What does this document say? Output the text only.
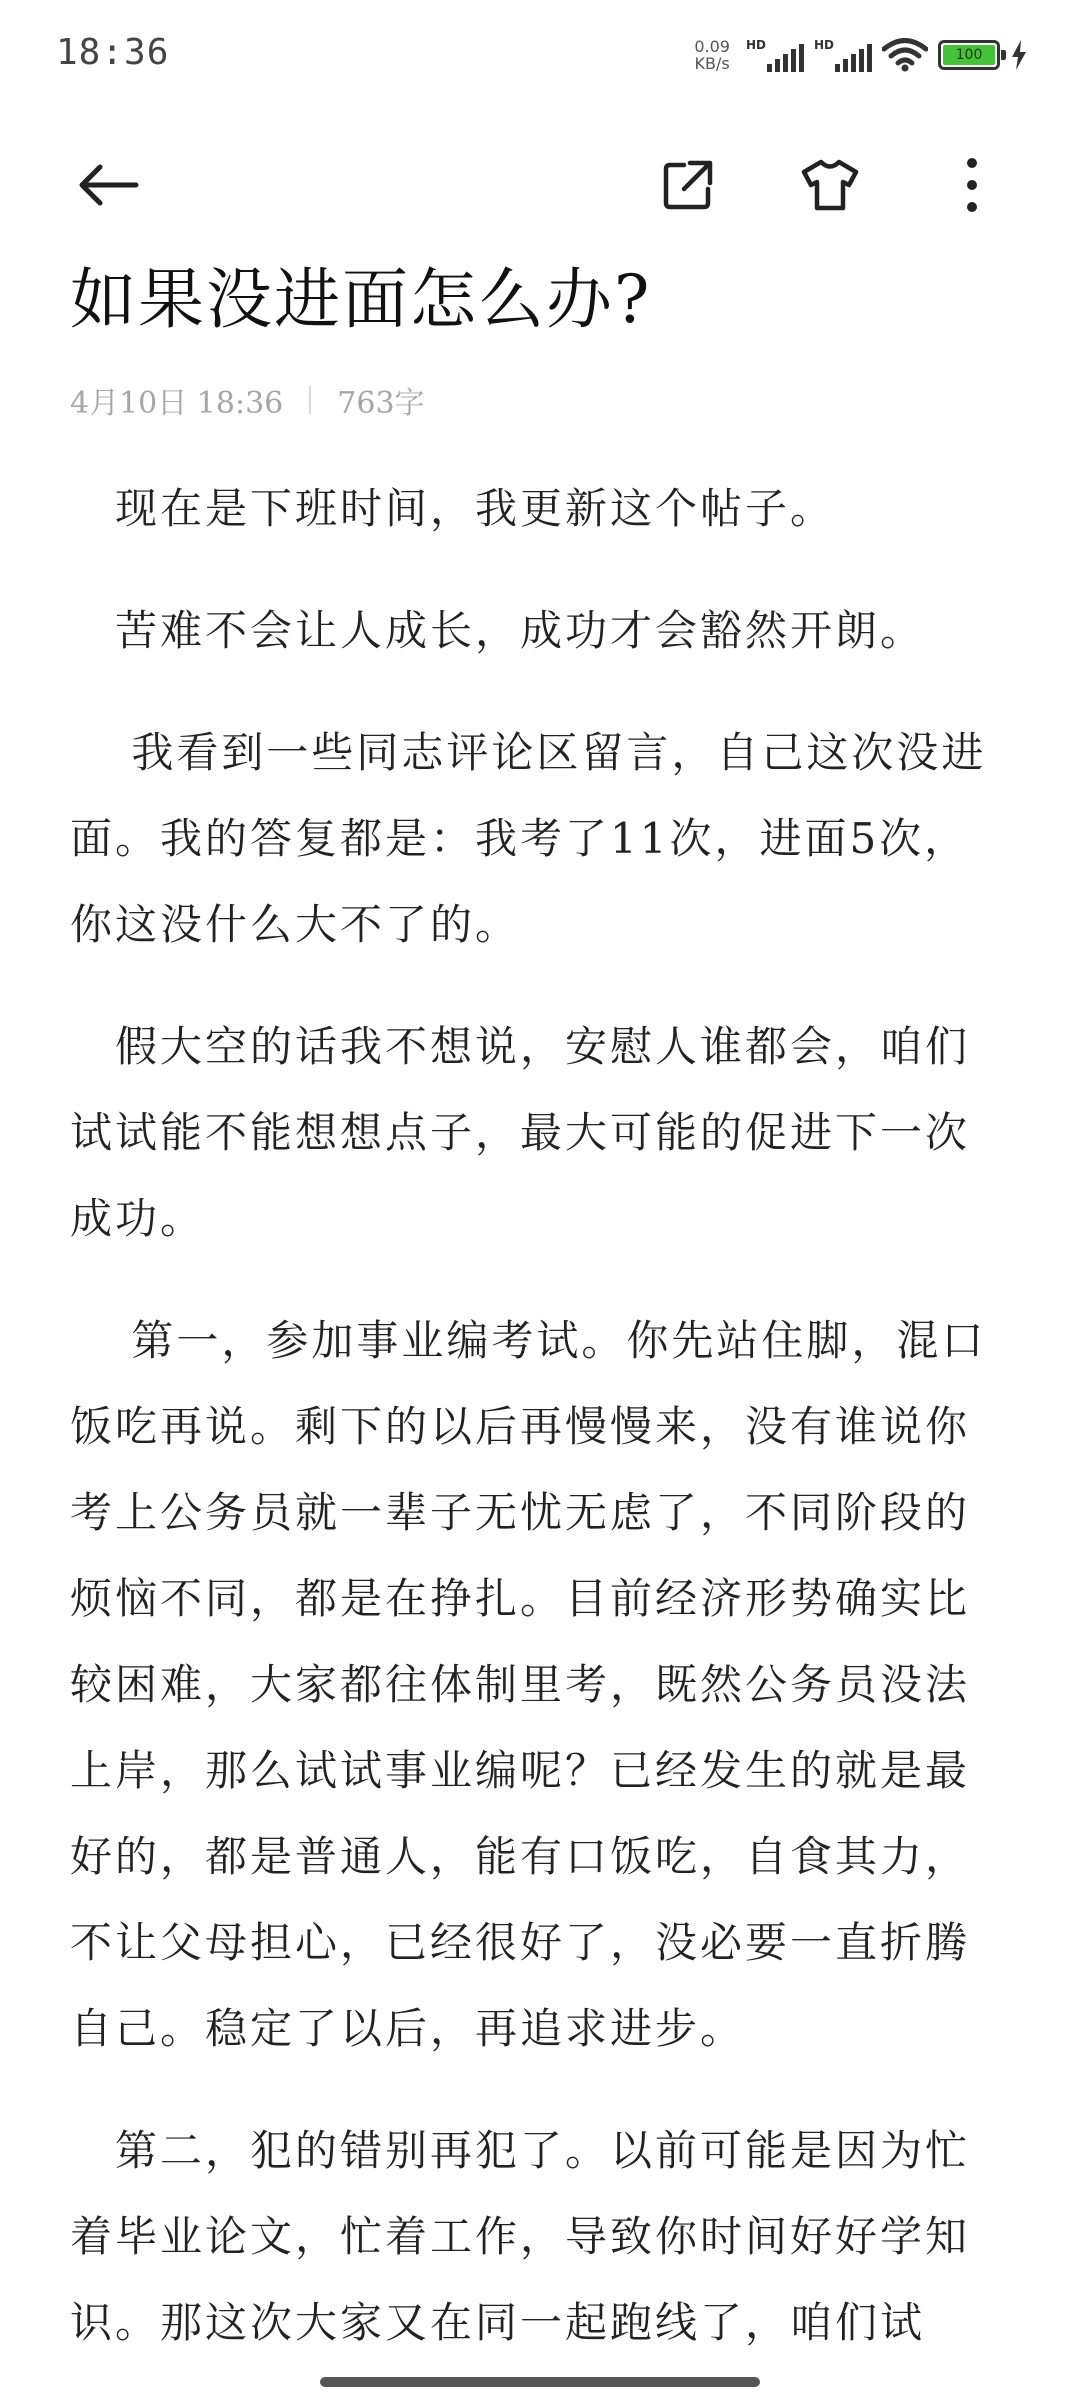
18:36	0.09
KB/s
HD	HD
100
如果没进面怎么办?
4月10日 18:36 763字

　现在是下班时间，我更新这个帖子。

　苦难不会让人成长，成功才会豁然开朗。

　 我看到一些同志评论区留言，自己这次没进面。我的答复都是：我考了11次，进面5次，你这没什么大不了的。

　假大空的话我不想说，安慰人谁都会，咱们试试能不能想想点子，最大可能的促进下一次成功。

　 第一，参加事业编考试。你先站住脚，混口饭吃再说。剩下的以后再慢慢来，没有谁说你考上公务员就一辈子无忧无虑了，不同阶段的烦恼不同，都是在挣扎。目前经济形势确实比较困难，大家都往体制里考，既然公务员没法上岸，那么试试事业编呢？已经发生的就是最好的，都是普通人，能有口饭吃，自食其力，不让父母担心，已经很好了，没必要一直折腾自己。稳定了以后，再追求进步。

　第二，犯的错别再犯了。以前可能是因为忙着毕业论文，忙着工作，导致你时间好好学知识。那这次大家又在同一起跑线了，咱们试
